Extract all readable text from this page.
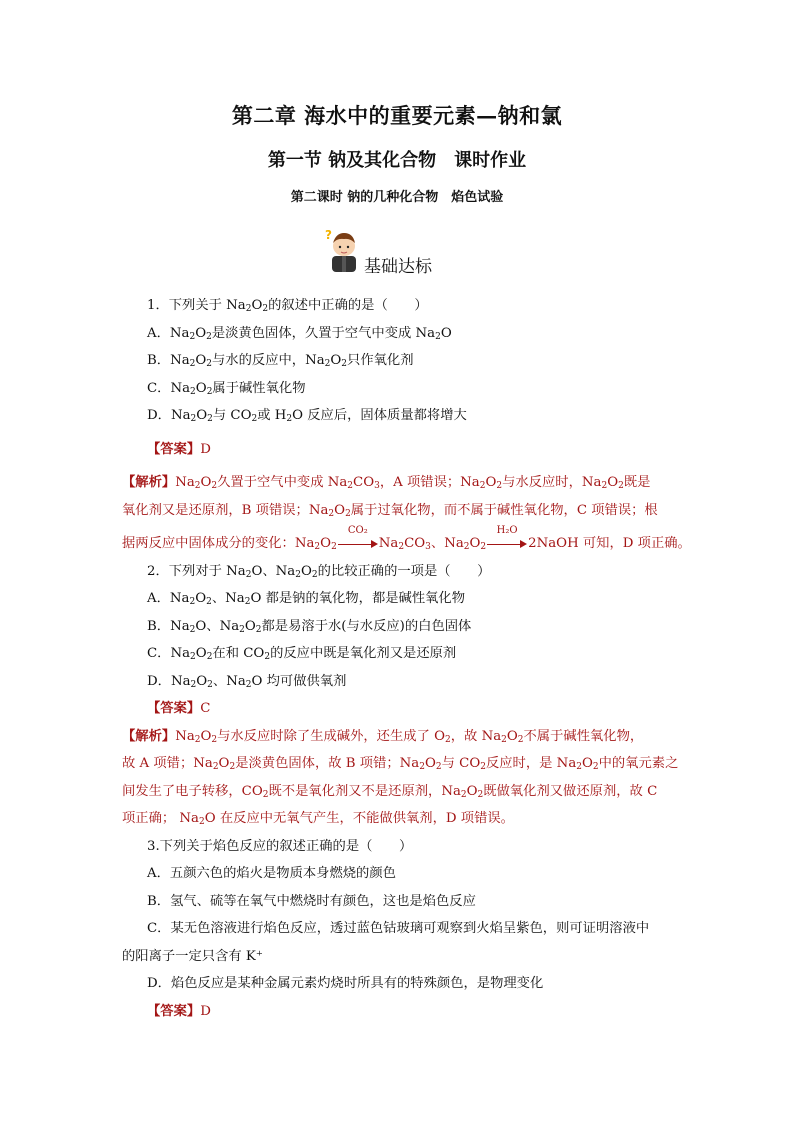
第二章 海水中的重要元素—钠和氯
第一节 钠及其化合物　课时作业
第二课时 钠的几种化合物　焰色试验
?
基础达标
1．下列关于 $Na_2O_2$的叙述中正确的是（　　）
A．$Na_2O_2$是淡黄色固体，久置于空气中变成 $Na_2O$
B．$Na_2O_2$与水的反应中，$Na_2O_2$只作氧化剂
C．$Na_2O_2$属于碱性氧化物
D．$Na_2O_2$与 $CO_2$或 $H_2O$ 反应后，固体质量都将增大
【答案】D
【解析】$Na_2O_2$久置于空气中变成 $Na_2CO_3$，A 项错误；$Na_2O_2$与水反应时，$Na_2O_2$既是
氧化剂又是还原剂，B 项错误；$Na_2O_2$属于过氧化物，而不属于碱性氧化物，C 项错误；根
据两反应中固体成分的变化：$Na_2O_2$
CO₂
$Na_2CO_3$、$Na_2O_2$
H₂O
2NaOH 可知，D 项正确。
2．下列对于 $Na_2O$、$Na_2O_2$的比较正确的一项是（　　）
A．$Na_2O_2$、$Na_2O$ 都是钠的氧化物，都是碱性氧化物
B．$Na_2O$、$Na_2O_2$都是易溶于水(与水反应)的白色固体
C．$Na_2O_2$在和 $CO_2$的反应中既是氧化剂又是还原剂
D．$Na_2O_2$、$Na_2O$ 均可做供氧剂
【答案】C
【解析】$Na_2O_2$与水反应时除了生成碱外，还生成了 $O_2$，故 $Na_2O_2$不属于碱性氧化物，
故 A 项错；$Na_2O_2$是淡黄色固体，故 B 项错；$Na_2O_2$与 $CO_2$反应时，是 $Na_2O_2$中的氧元素之
间发生了电子转移，$CO_2$既不是氧化剂又不是还原剂，$Na_2O_2$既做氧化剂又做还原剂，故 C
项正确； $Na_2O$ 在反应中无氧气产生，不能做供氧剂，D 项错误。
3.下列关于焰色反应的叙述正确的是（　　）
A．五颜六色的焰火是物质本身燃烧的颜色
B．氢气、硫等在氧气中燃烧时有颜色，这也是焰色反应
C．某无色溶液进行焰色反应，透过蓝色钴玻璃可观察到火焰呈紫色，则可证明溶液中
的阳离子一定只含有 K⁺
D．焰色反应是某种金属元素灼烧时所具有的特殊颜色，是物理变化
【答案】D
